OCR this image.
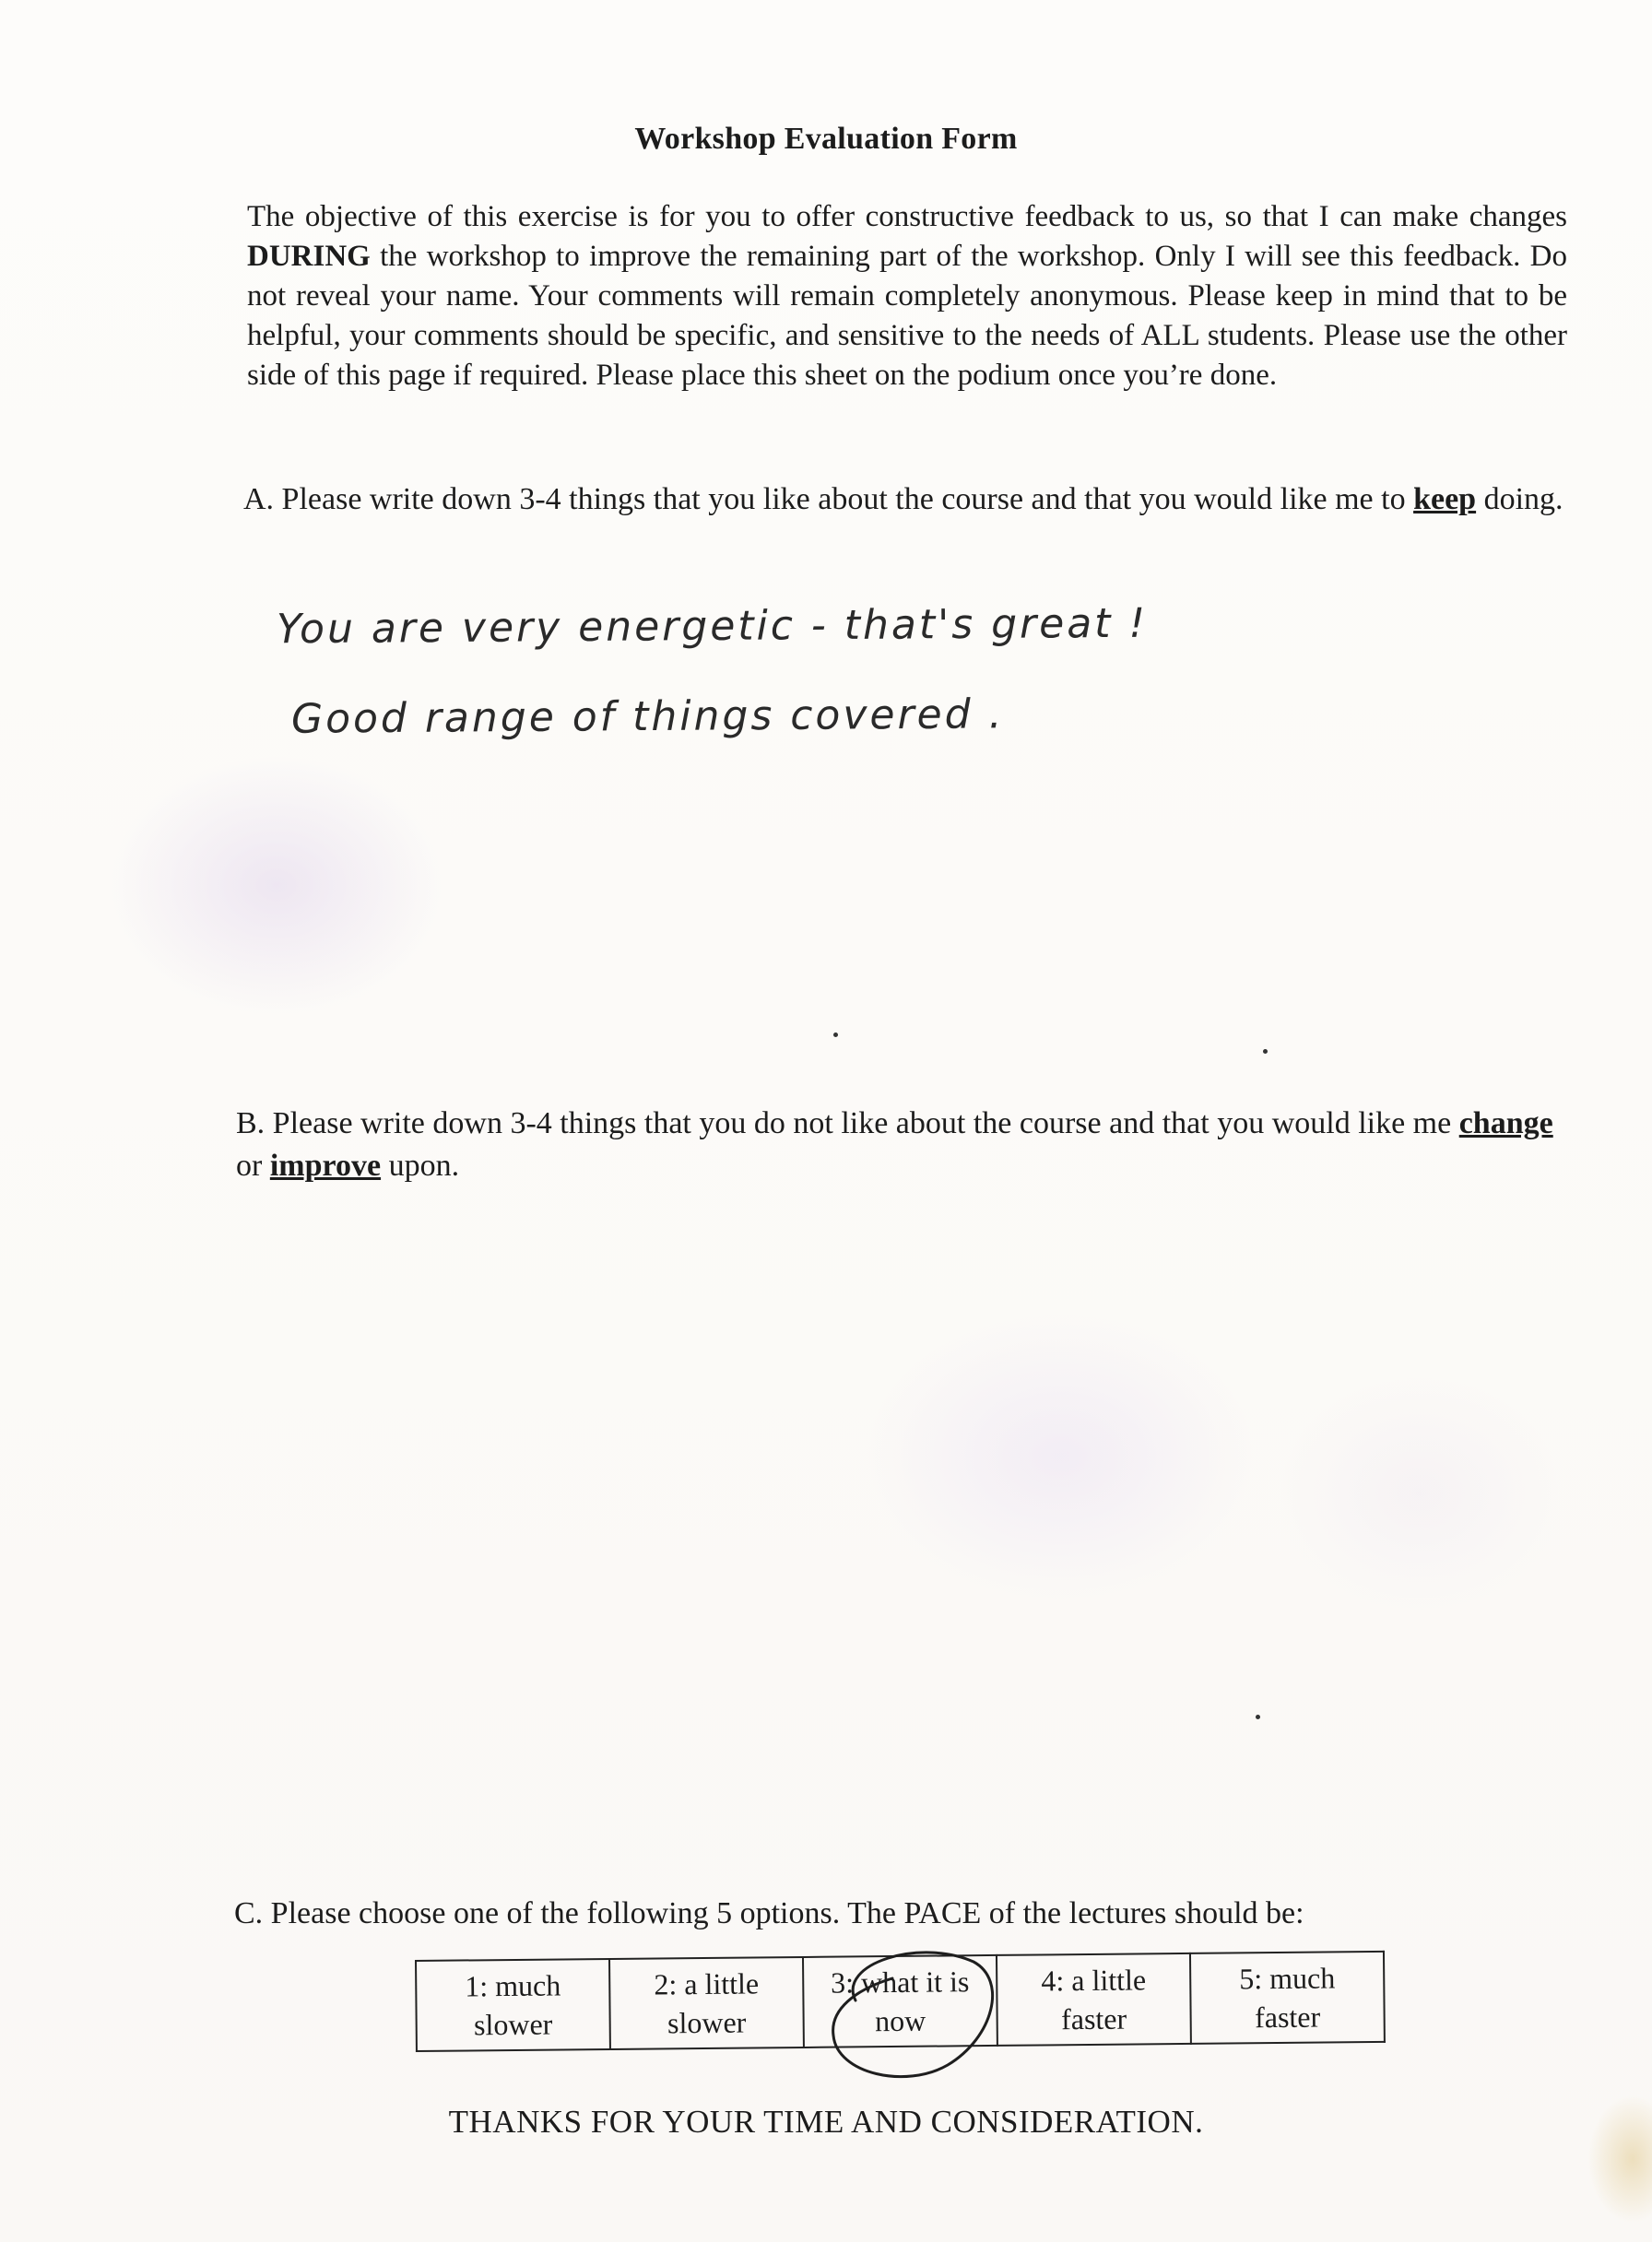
Workshop Evaluation Form
The objective of this exercise is for you to offer constructive feedback to us, so that I can make changes DURING the workshop to improve the remaining part of the workshop. Only I will see this feedback. Do not reveal your name. Your comments will remain completely anonymous. Please keep in mind that to be helpful, your comments should be specific, and sensitive to the needs of ALL students. Please use the other side of this page if required. Please place this sheet on the podium once you’re done.
A. Please write down 3-4 things that you like about the course and that you would like me to keep doing.
You are very energetic - that's great !
Good range of things covered .
B. Please write down 3-4 things that you do not like about the course and that you would like me change or improve upon.
C. Please choose one of the following 5 options. The PACE of the lectures should be:
1: much slower

2: a little slower

3: what it is now

4: a little faster

5: much faster
THANKS FOR YOUR TIME AND CONSIDERATION.
